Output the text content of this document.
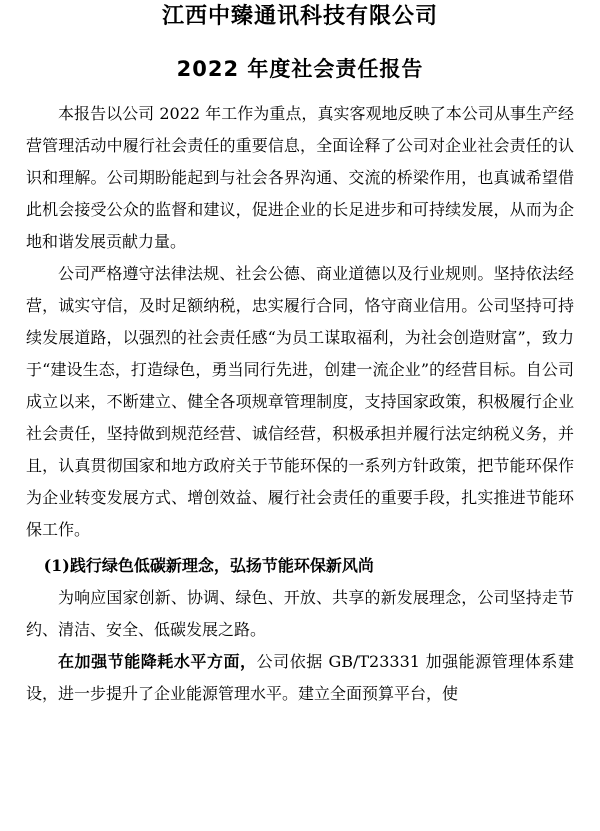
江西中臻通讯科技有限公司
2022 年度社会责任报告

本报告以公司 2022 年工作为重点，真实客观地反映了本公司从事生产经营管理活动中履行社会责任的重要信息，全面诠释了公司对企业社会责任的认识和理解。公司期盼能起到与社会各界沟通、交流的桥梁作用，也真诚希望借此机会接受公众的监督和建议，促进企业的长足进步和可持续发展，从而为企地和谐发展贡献力量。

公司严格遵守法律法规、社会公德、商业道德以及行业规则。坚持依法经营，诚实守信，及时足额纳税，忠实履行合同，恪守商业信用。公司坚持可持续发展道路，以强烈的社会责任感“为员工谋取福利，为社会创造财富”，致力于“建设生态，打造绿色，勇当同行先进，创建一流企业”的经营目标。自公司成立以来，不断建立、健全各项规章管理制度，支持国家政策，积极履行企业社会责任，坚持做到规范经营、诚信经营，积极承担并履行法定纳税义务，并且，认真贯彻国家和地方政府关于节能环保的一系列方针政策，把节能环保作为企业转变发展方式、增创效益、履行社会责任的重要手段，扎实推进节能环保工作。

(1)践行绿色低碳新理念，弘扬节能环保新风尚

为响应国家创新、协调、绿色、开放、共享的新发展理念，公司坚持走节约、清洁、安全、低碳发展之路。

在加强节能降耗水平方面，公司依据 GB/T23331 加强能源管理体系建设，进一步提升了企业能源管理水平。建立全面预算平台，使
